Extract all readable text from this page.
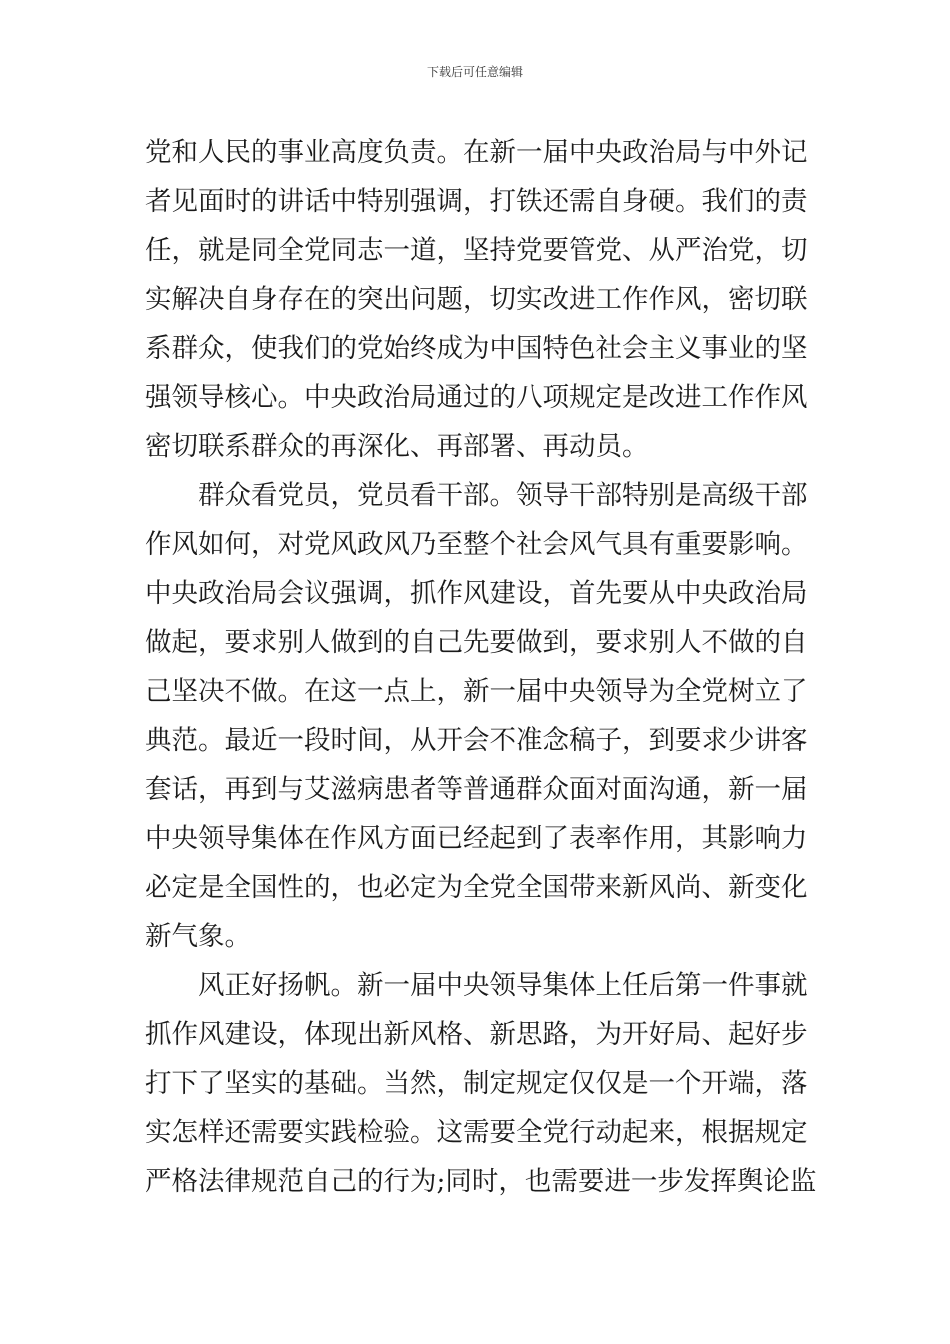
下载后可任意编辑
党和人民的事业高度负责。在新一届中央政治局与中外记
者见面时的讲话中特别强调，打铁还需自身硬。我们的责
任，就是同全党同志一道，坚持党要管党、从严治党，切
实解决自身存在的突出问题，切实改进工作作风，密切联
系群众，使我们的党始终成为中国特色社会主义事业的坚
强领导核心。中央政治局通过的八项规定是改进工作作风
密切联系群众的再深化、再部署、再动员。
群众看党员，党员看干部。领导干部特别是高级干部
作风如何，对党风政风乃至整个社会风气具有重要影响。
中央政治局会议强调，抓作风建设，首先要从中央政治局
做起，要求别人做到的自己先要做到，要求别人不做的自
己坚决不做。在这一点上，新一届中央领导为全党树立了
典范。最近一段时间，从开会不准念稿子，到要求少讲客
套话，再到与艾滋病患者等普通群众面对面沟通，新一届
中央领导集体在作风方面已经起到了表率作用，其影响力
必定是全国性的，也必定为全党全国带来新风尚、新变化
新气象。
风正好扬帆。新一届中央领导集体上任后第一件事就
抓作风建设，体现出新风格、新思路，为开好局、起好步
打下了坚实的基础。当然，制定规定仅仅是一个开端，落
实怎样还需要实践检验。这需要全党行动起来，根据规定
严格法律规范自己的行为;同时，也需要进一步发挥舆论监
